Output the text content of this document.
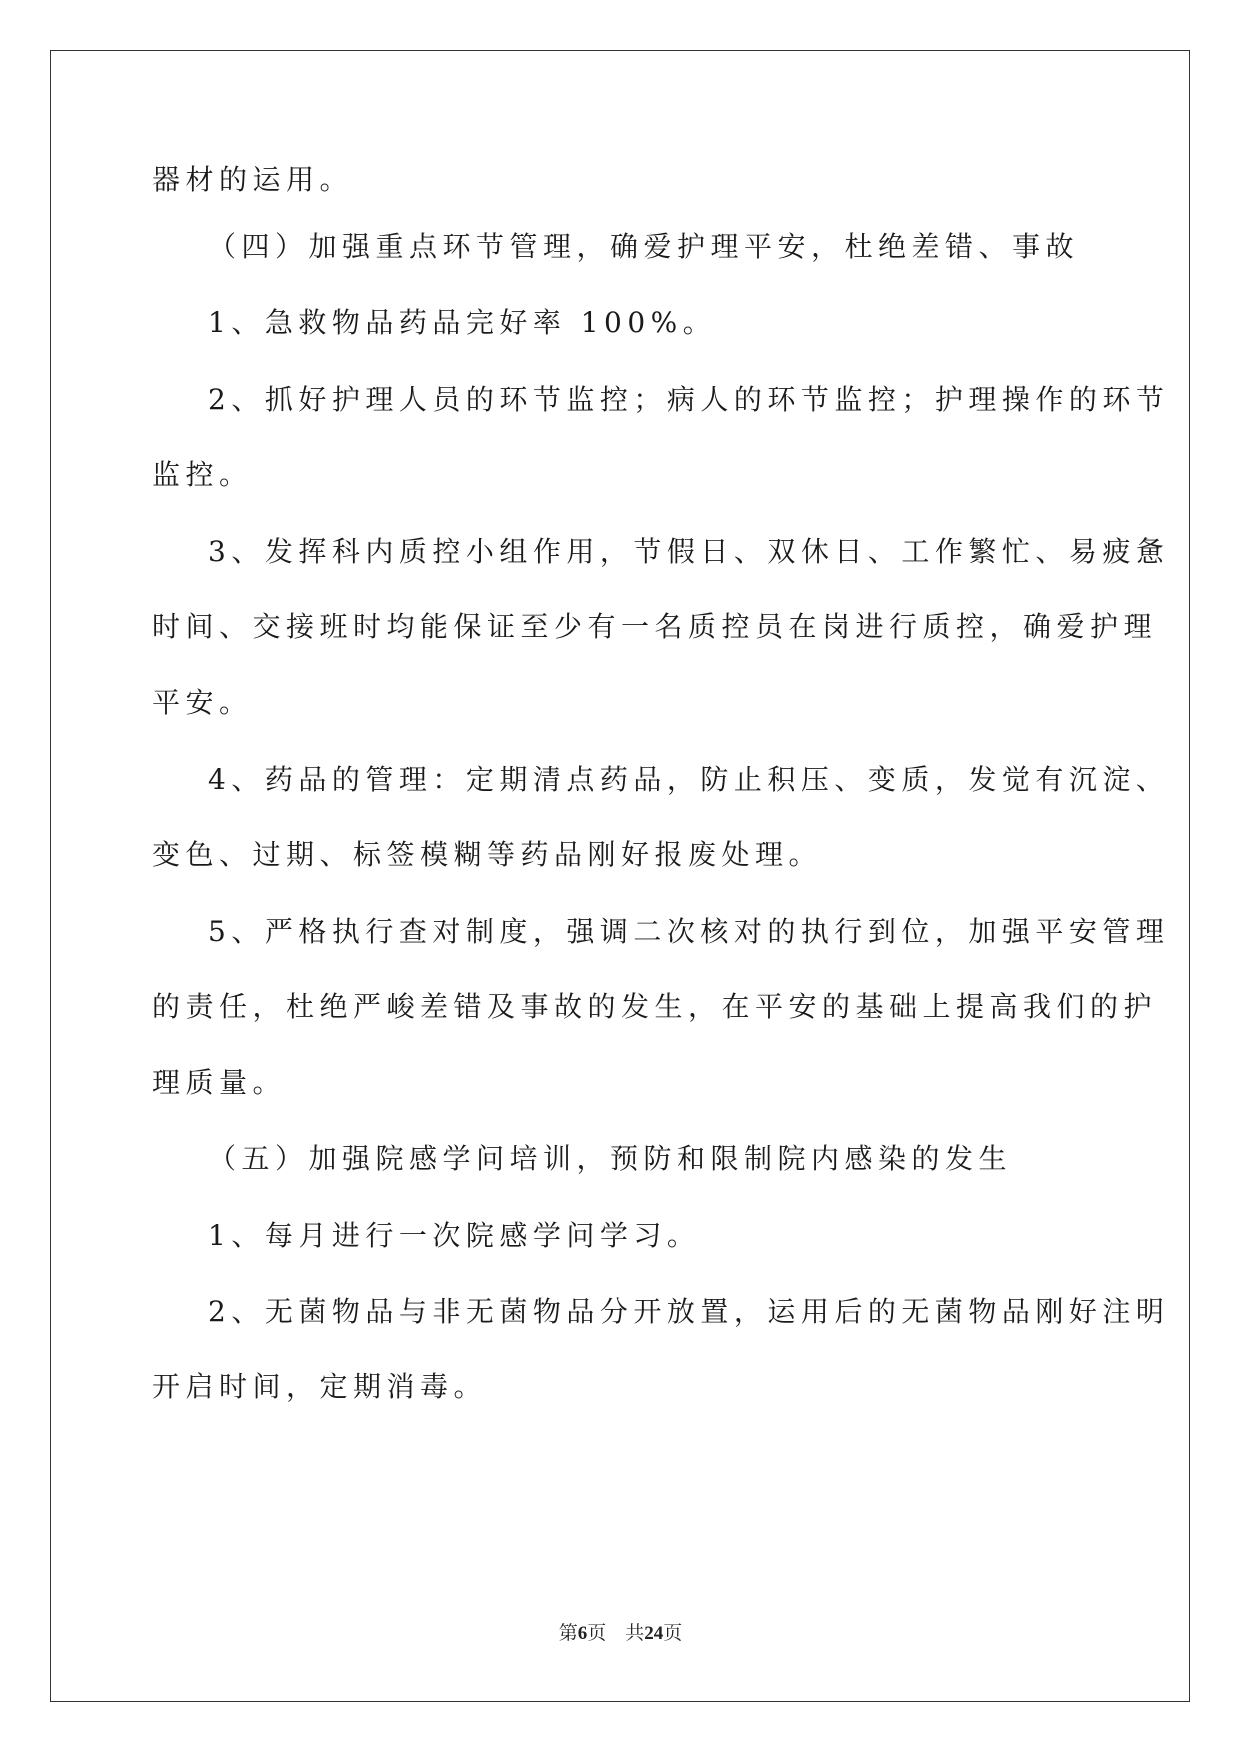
器材的运用。
（四）加强重点环节管理，确爱护理平安，杜绝差错、事故
1、急救物品药品完好率 100%。
2、抓好护理人员的环节监控；病人的环节监控；护理操作的环节
监控。
3、发挥科内质控小组作用，节假日、双休日、工作繁忙、易疲惫
时间、交接班时均能保证至少有一名质控员在岗进行质控，确爱护理
平安。
4、药品的管理：定期清点药品，防止积压、变质，发觉有沉淀、
变色、过期、标签模糊等药品刚好报废处理。
5、严格执行查对制度，强调二次核对的执行到位，加强平安管理
的责任，杜绝严峻差错及事故的发生，在平安的基础上提高我们的护
理质量。
（五）加强院感学问培训，预防和限制院内感染的发生
1、每月进行一次院感学问学习。
2、无菌物品与非无菌物品分开放置，运用后的无菌物品刚好注明
开启时间，定期消毒。
第6页 共24页
